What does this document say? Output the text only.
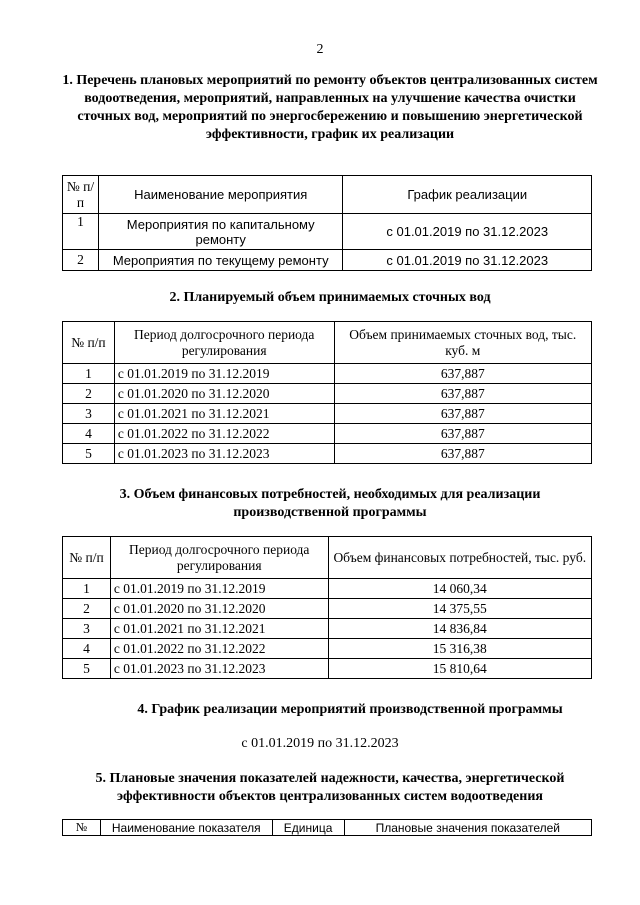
2
1. Перечень плановых мероприятий по ремонту объектов централизованных систем водоотведения, мероприятий, направленных на улучшение качества очистки сточных вод, мероприятий по энергосбережению и повышению энергетической эффективности, график их реализации
№ п/п	Наименование мероприятия	График реализации
1	Мероприятия по капитальному ремонту	с 01.01.2019 по 31.12.2023
2	Мероприятия по текущему ремонту	с 01.01.2019 по 31.12.2023
2. Планируемый объем принимаемых сточных вод
№ п/п	Период долгосрочного периода регулирования	Объем принимаемых сточных вод, тыс. куб. м
1	с 01.01.2019 по 31.12.2019	637,887
2	с 01.01.2020 по 31.12.2020	637,887
3	с 01.01.2021 по 31.12.2021	637,887
4	с 01.01.2022 по 31.12.2022	637,887
5	с 01.01.2023 по 31.12.2023	637,887
3. Объем финансовых потребностей, необходимых для реализации производственной программы
№ п/п	Период долгосрочного периода регулирования	Объем финансовых потребностей, тыс. руб.
1	с 01.01.2019 по 31.12.2019	14 060,34
2	с 01.01.2020 по 31.12.2020	14 375,55
3	с 01.01.2021 по 31.12.2021	14 836,84
4	с 01.01.2022 по 31.12.2022	15 316,38
5	с 01.01.2023 по 31.12.2023	15 810,64
4. График реализации мероприятий производственной программы
с 01.01.2019 по 31.12.2023
5. Плановые значения показателей надежности, качества, энергетической эффективности объектов централизованных систем водоотведения
№	Наименование показателя	Единица	Плановые значения показателей
